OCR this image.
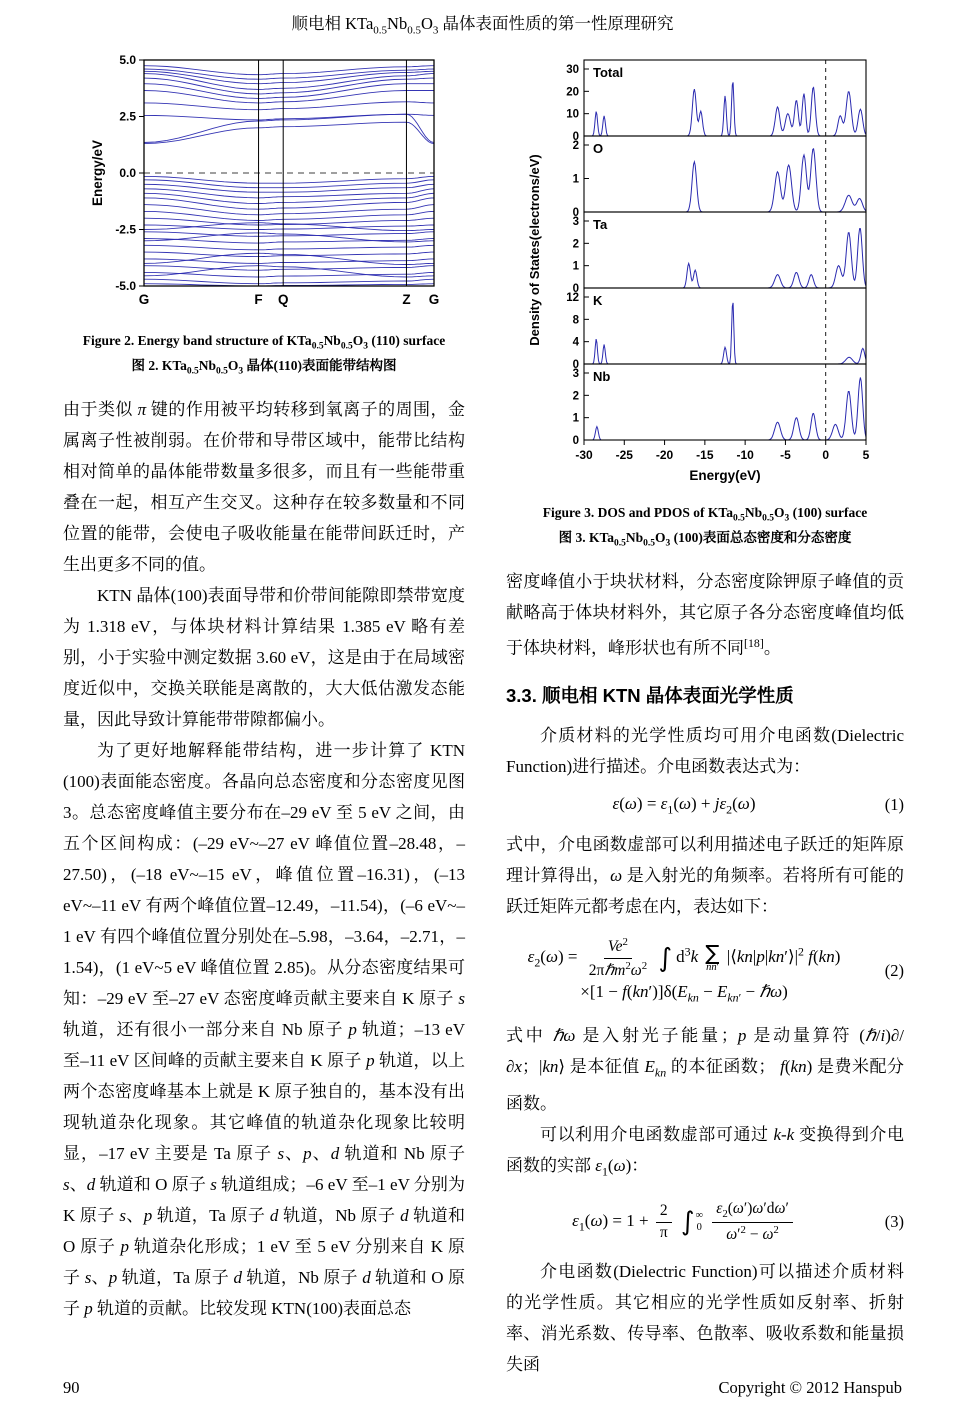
顺电相 $KTa_{0.5}Nb_{0.5}O_3$ 晶体表面性质的第一性原理研究
5.0
2.5
0.0
-2.5
-5.0
G	F Q	Z G
Energy/eV
Figure 2. Energy band structure of $KTa_{0.5}Nb_{0.5}O_3$ (110) surface
图 2. $KTa_{0.5}Nb_{0.5}O_3$ 晶体(110)表面能带结构图

由于类似 π 键的作用被平均转移到氧离子的周围，金属离子性被削弱。在价带和导带区域中，能带比结构相对简单的晶体能带数量多很多，而且有一些能带重叠在一起，相互产生交叉。这种存在较多数量和不同位置的能带，会使电子吸收能量在能带间跃迁时，产生出更多不同的值。

KTN 晶体(100)表面导带和价带间能隙即禁带宽度为 1.318 eV，与体块材料计算结果 1.385 eV 略有差别，小于实验中测定数据 3.60 eV，这是由于在局域密度近似中，交换关联能是离散的，大大低估激发态能量，因此导致计算能带带隙都偏小。

为了更好地解释能带结构，进一步计算了 KTN (100)表面能态密度。各晶向总态密度和分态密度见图 3。总态密度峰值主要分布在–29 eV 至 5 eV 之间，由五个区间构成：(–29 eV~–27 eV 峰值位置–28.48，–27.50)，(–18 eV~–15 eV，峰值位置–16.31)，(–13 eV~–11 eV 有两个峰值位置–12.49，–11.54)，(–6 eV~–1 eV 有四个峰值位置分别处在–5.98，–3.64，–2.71，–1.54)，(1 eV~5 eV 峰值位置 2.85)。从分态密度结果可知：–29 eV 至–27 eV 态密度峰贡献主要来自 K 原子 s 轨道，还有很小一部分来自 Nb 原子 p 轨道；–13 eV 至–11 eV 区间峰的贡献主要来自 K 原子 p 轨道，以上两个态密度峰基本上就是 K 原子独自的，基本没有出现轨道杂化现象。其它峰值的轨道杂化现象比较明显，–17 eV 主要是 Ta 原子 s、p、d 轨道和 Nb 原子 s、d 轨道和 O 原子 s 轨道组成；–6 eV 至–1 eV 分别为 K 原子 s、p 轨道，Ta 原子 d 轨道，Nb 原子 d 轨道和 O 原子 p 轨道杂化形成；1 eV 至 5 eV 分别来自 K 原子 s、p 轨道，Ta 原子 d 轨道，Nb 原子 d 轨道和 O 原子 p 轨道的贡献。比较发现 KTN(100)表面总态

0
10
20
30 Total
0
1
2 O
0
1
2
3 Ta
0
4
8
12 K
0
1
2
3 Nb
-30 -25 -20 -15 -10 -5	0	5
Energy(eV)
Density of States(electrons/eV)
Figure 3. DOS and PDOS of $KTa_{0.5}Nb_{0.5}O_3$ (100) surface
图 3. $KTa_{0.5}Nb_{0.5}O_3$ (100)表面总态密度和分态密度

密度峰值小于块状材料，分态密度除钾原子峰值的贡献略高于体块材料外，其它原子各分态密度峰值均低于体块材料，峰形状也有所不同[18]。

3.3. 顺电相 KTN 晶体表面光学性质

介质材料的光学性质均可用介电函数(Dielectric Function)进行描述。介电函数表达式为：

$\varepsilon(\omega) = \varepsilon_1(\omega) + j\varepsilon_2(\omega)$	(1)

式中，介电函数虚部可以利用描述电子跃迁的矩阵原理计算得出，ω 是入射光的角频率。若将所有可能的跃迁矩阵元都考虑在内，表达如下：

$\varepsilon_2(\omega) = \frac{Ve^2}{2\pi\hbar m^2\omega^2}$ ∫ $d^3k$ ∑
nn′
$|⟨kn|p|kn'⟩|^2$ f(kn)
$\times[1 - f(kn')]\delta(E_{kn} - E_{kn'}$ − ℏω)
(2)

式中 ℏω 是入射光子能量；p 是动量算符 (ℏ/i)∂/∂x；|kn⟩ 是本征值 $E_{kn}$ 的本征函数； f(kn) 是费米配分函数。

可以利用介电函数虚部可通过 k-k 变换得到介电函数的实部 $\varepsilon_1(\omega)$：

$\varepsilon_1(\omega) = 1 + \frac{2}{\pi}$
∫ ∞
0
$\frac{\varepsilon_2(\omega')\omega'd\omega'}{\omega'^2 - \omega^2}$	(3)

介电函数(Dielectric Function)可以描述介质材料的光学性质。其它相应的光学性质如反射率、折射率、消光系数、传导率、色散率、吸收系数和能量损失函

90	Copyright © 2012 Hanspub
